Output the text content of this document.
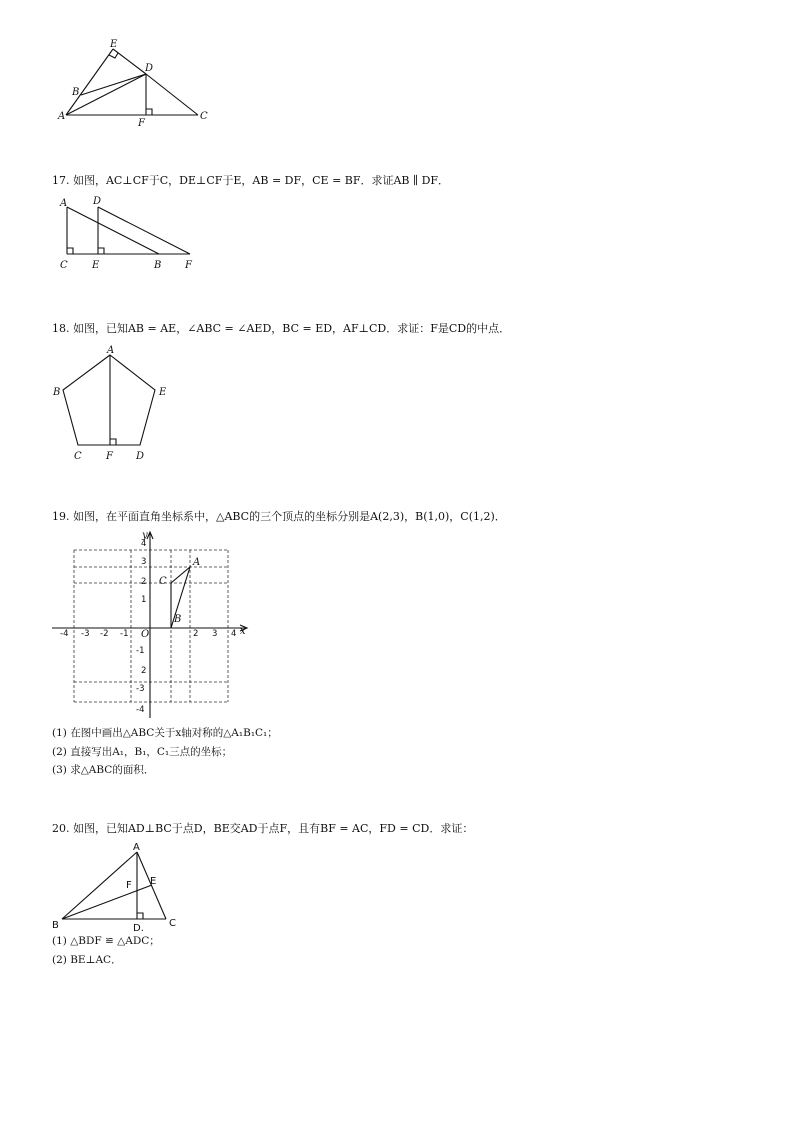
E
D
B
A
F
C
17. 如图，AC⊥CF于C，DE⊥CF于E，AB = DF，CE = BF．求证AB ∥ DF．
A	D
C E	B F
18. 如图，已知AB = AE，∠ABC = ∠AED，BC = ED，AF⊥CD．求证：F是CD的中点．
A
B	E
C F D
19. 如图，在平面直角坐标系中，△ABC的三个顶点的坐标分别是A(2,3)，B(1,0)，C(1,2)．
-4 -3 -2 -1	2 3 4
4
3
2
1
-1
2
-3
-4
O	x
y
A
C
B
(1) 在图中画出△ABC关于x轴对称的△A₁B₁C₁；
(2) 直接写出A₁，B₁，C₁三点的坐标；
(3) 求△ABC的面积．
20. 如图，已知AD⊥BC于点D，BE交AD于点F，且有BF = AC，FD = CD．求证：
A
F E
B	D.	C
(1) △BDF ≌ △ADC；
(2) BE⊥AC．
